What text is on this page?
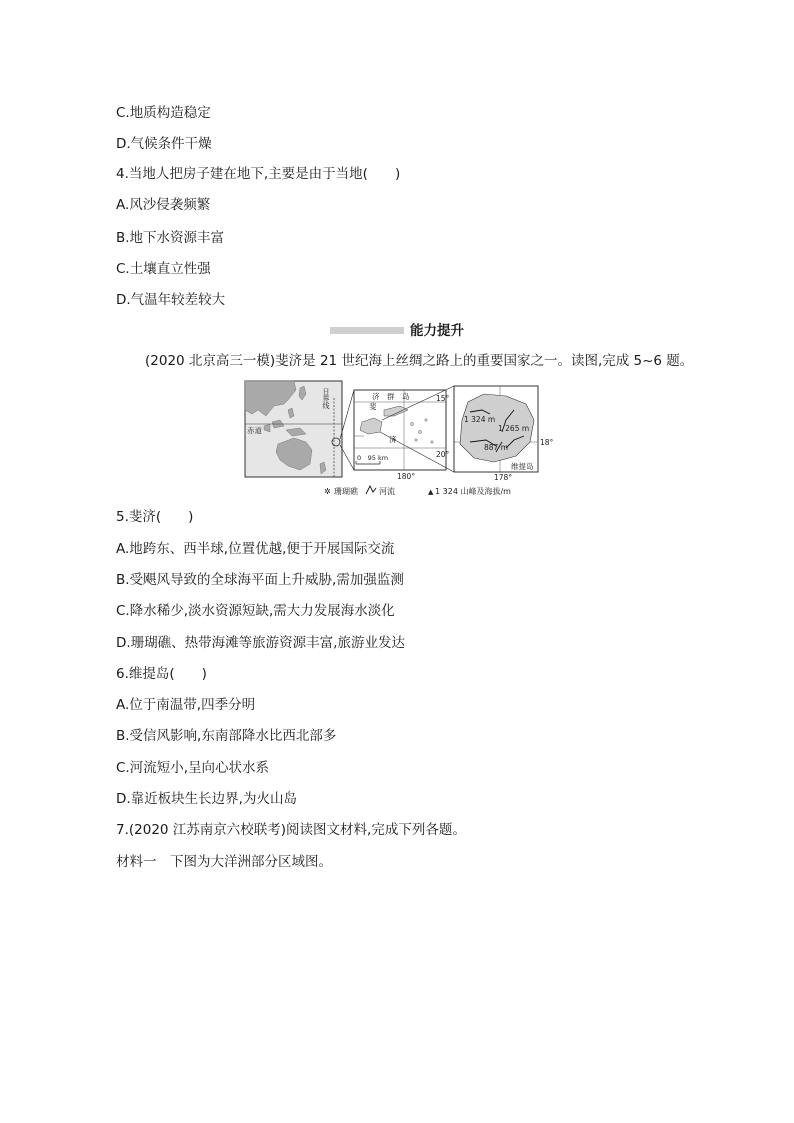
C.地质构造稳定
D.气候条件干燥
4.当地人把房子建在地下,主要是由于当地(　　)
A.风沙侵袭频繁
B.地下水资源丰富
C.土壤直立性强
D.气温年较差较大
能力提升
(2020 北京高三一模)斐济是 21 世纪海上丝绸之路上的重要国家之一。读图,完成 5~6 题。
日界线
赤道
济　群　岛
斐
济
0　95 km
180°
15°
20°
1 324 m
1 265 m
887 m
18°
178°
维提岛
✲ 珊瑚礁	河流	▲ 1 324 山峰及海拔/m
5.斐济(　　)
A.地跨东、西半球,位置优越,便于开展国际交流
B.受飓风导致的全球海平面上升威胁,需加强监测
C.降水稀少,淡水资源短缺,需大力发展海水淡化
D.珊瑚礁、热带海滩等旅游资源丰富,旅游业发达
6.维提岛(　　)
A.位于南温带,四季分明
B.受信风影响,东南部降水比西北部多
C.河流短小,呈向心状水系
D.靠近板块生长边界,为火山岛
7.(2020 江苏南京六校联考)阅读图文材料,完成下列各题。
材料一　下图为大洋洲部分区域图。
